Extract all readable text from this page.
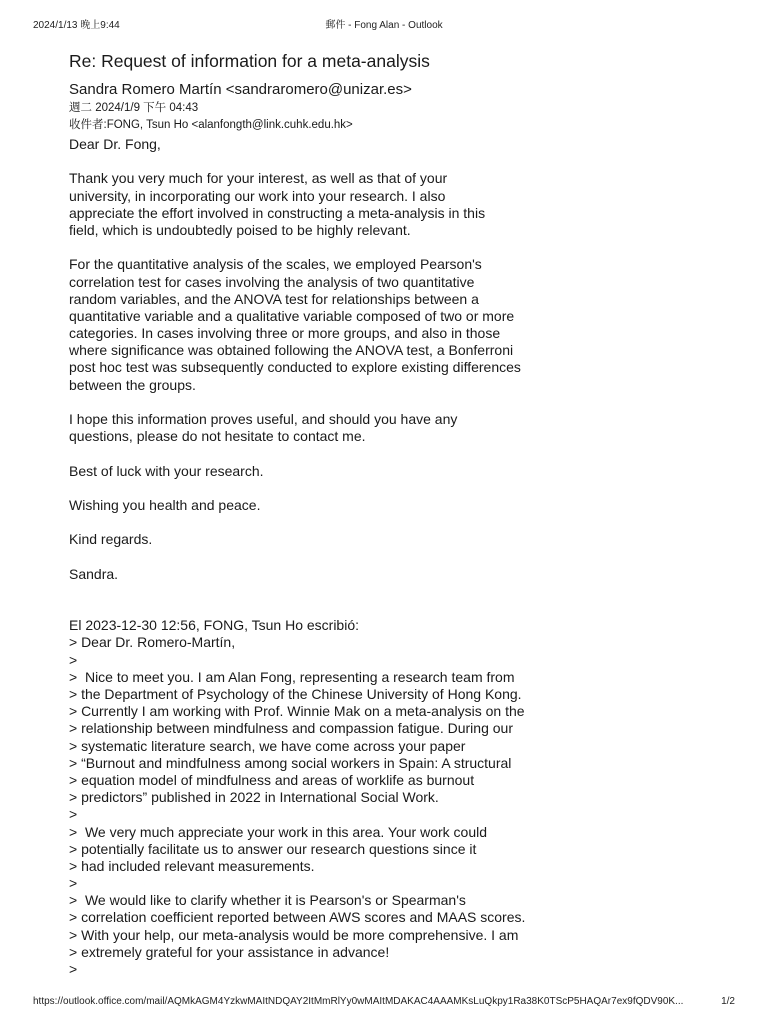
2024/1/13 晚上9:44	郵件 - Fong Alan - Outlook
Re: Request of information for a meta-analysis
Sandra Romero Martín <sandraromero@unizar.es>
週二 2024/1/9 下午 04:43
收件者:FONG, Tsun Ho <alanfongth@link.cuhk.edu.hk>
Dear Dr. Fong,
Thank you very much for your interest, as well as that of your
university, in incorporating our work into your research. I also
appreciate the effort involved in constructing a meta-analysis in this
field, which is undoubtedly poised to be highly relevant.
For the quantitative analysis of the scales, we employed Pearson's
correlation test for cases involving the analysis of two quantitative
random variables, and the ANOVA test for relationships between a
quantitative variable and a qualitative variable composed of two or more
categories. In cases involving three or more groups, and also in those
where significance was obtained following the ANOVA test, a Bonferroni
post hoc test was subsequently conducted to explore existing differences
between the groups.
I hope this information proves useful, and should you have any
questions, please do not hesitate to contact me.
Best of luck with your research.
Wishing you health and peace.
Kind regards.
Sandra.
El 2023-12-30 12:56, FONG, Tsun Ho escribió:
> Dear Dr. Romero-Martín,
>
>  Nice to meet you. I am Alan Fong, representing a research team from
> the Department of Psychology of the Chinese University of Hong Kong.
> Currently I am working with Prof. Winnie Mak on a meta-analysis on the
> relationship between mindfulness and compassion fatigue. During our
> systematic literature search, we have come across your paper
> “Burnout and mindfulness among social workers in Spain: A structural
> equation model of mindfulness and areas of worklife as burnout
> predictors” published in 2022 in International Social Work.
>
>  We very much appreciate your work in this area. Your work could
> potentially facilitate us to answer our research questions since it
> had included relevant measurements.
>
>  We would like to clarify whether it is Pearson's or Spearman's
> correlation coefficient reported between AWS scores and MAAS scores.
> With your help, our meta-analysis would be more comprehensive. I am
> extremely grateful for your assistance in advance!
>
https://outlook.office.com/mail/AQMkAGM4YzkwMAItNDQAY2ItMmRlYy0wMAItMDAKAC4AAAMKsLuQkpy1Ra38K0TScP5HAQAr7ex9fQDV90K...	1/2
